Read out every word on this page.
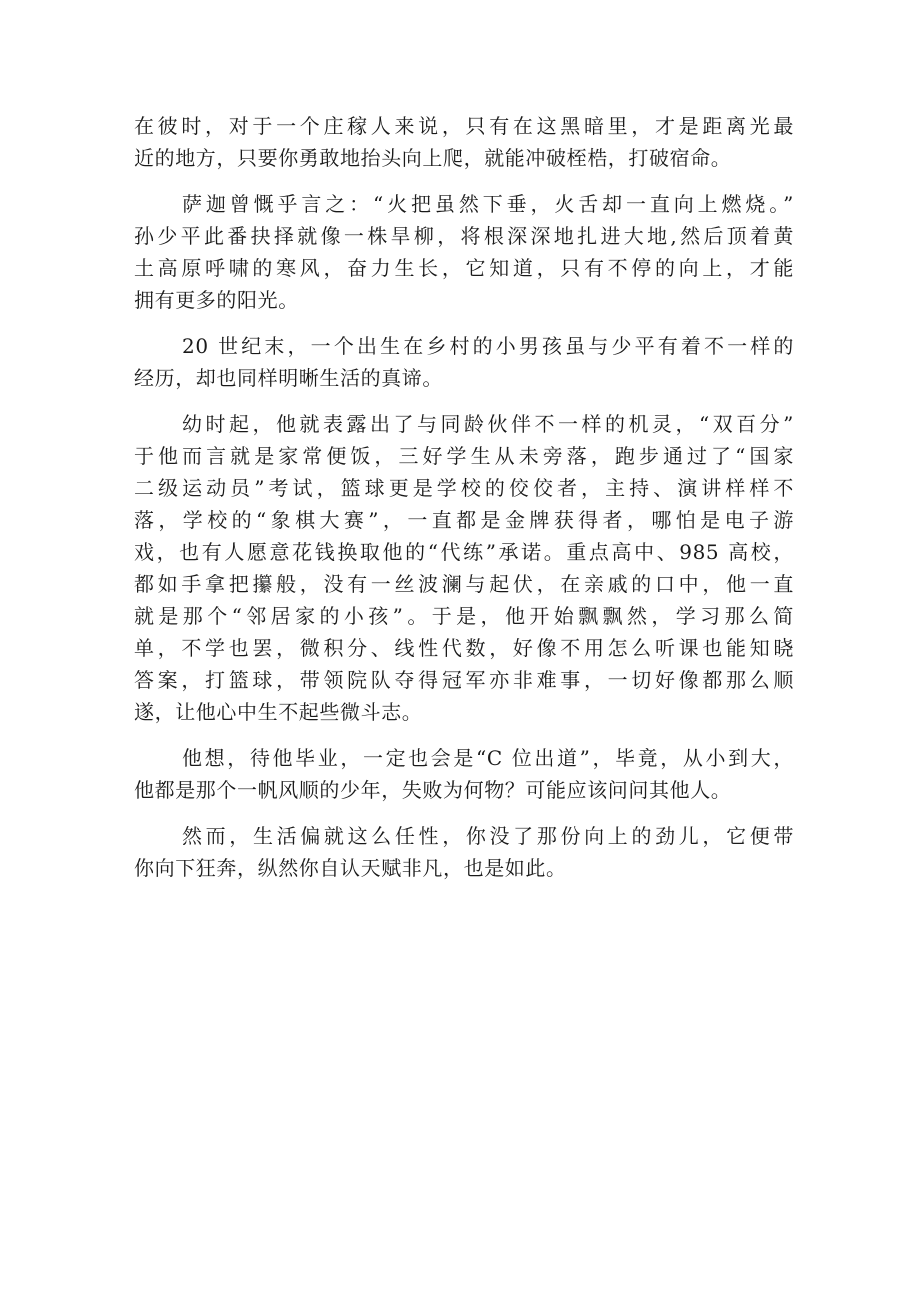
在彼时，对于一个庄稼人来说，只有在这黑暗里，才是距离光最
近的地方，只要你勇敢地抬头向上爬，就能冲破桎梏，打破宿命。
萨迦曾慨乎言之：“火把虽然下垂，火舌却一直向上燃烧。”
孙少平此番抉择就像一株旱柳，将根深深地扎进大地,然后顶着黄
土高原呼啸的寒风，奋力生长，它知道，只有不停的向上，才能
拥有更多的阳光。
20 世纪末，一个出生在乡村的小男孩虽与少平有着不一样的
经历，却也同样明晰生活的真谛。
幼时起，他就表露出了与同龄伙伴不一样的机灵，“双百分”
于他而言就是家常便饭，三好学生从未旁落，跑步通过了“国家
二级运动员”考试，篮球更是学校的佼佼者，主持、演讲样样不
落，学校的“象棋大赛”，一直都是金牌获得者，哪怕是电子游
戏，也有人愿意花钱换取他的“代练”承诺。重点高中、985 高校，
都如手拿把攥般，没有一丝波澜与起伏，在亲戚的口中，他一直
就是那个“邻居家的小孩”。于是，他开始飘飘然，学习那么简
单，不学也罢，微积分、线性代数，好像不用怎么听课也能知晓
答案，打篮球，带领院队夺得冠军亦非难事，一切好像都那么顺
遂，让他心中生不起些微斗志。
他想，待他毕业，一定也会是“C 位出道”，毕竟，从小到大，
他都是那个一帆风顺的少年，失败为何物？可能应该问问其他人。
然而，生活偏就这么任性，你没了那份向上的劲儿，它便带
你向下狂奔，纵然你自认天赋非凡，也是如此。
